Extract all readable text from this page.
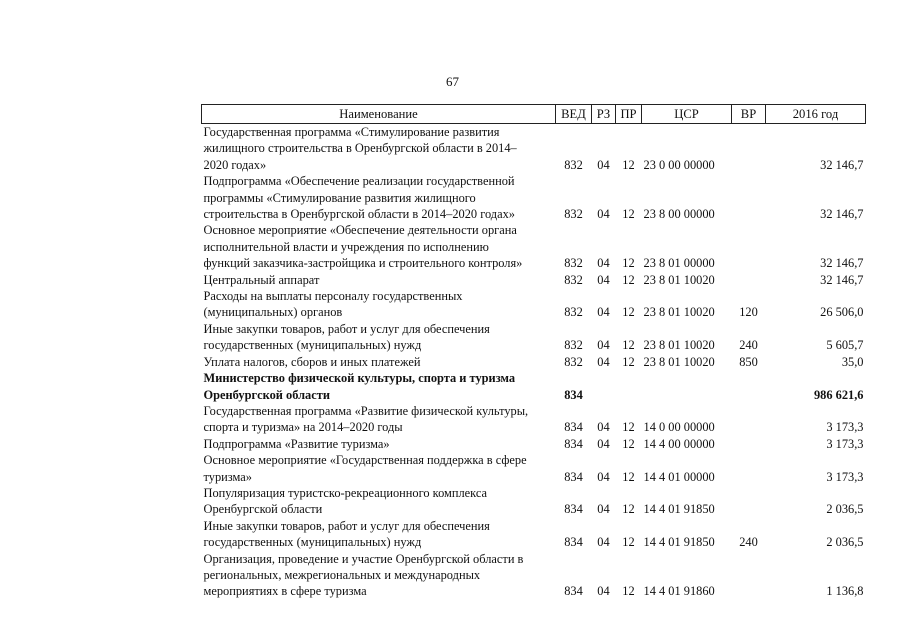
67
Наименование	ВЕД	РЗ	ПР	ЦСР	ВР	2016 год

Государственная программа «Стимулирование развития
жилищного строительства в Оренбургской области в 2014–
2020 годах»	832	04	12	23 0 00 00000		32 146,7

Подпрограмма «Обеспечение реализации государственной
программы «Стимулирование развития жилищного
строительства в Оренбургской области в 2014–2020 годах»	832	04	12	23 8 00 00000		32 146,7

Основное мероприятие «Обеспечение деятельности органа
исполнительной власти и учреждения по исполнению
функций заказчика-застройщика и строительного контроля»	832	04	12	23 8 01 00000		32 146,7

Центральный аппарат	832	04	12	23 8 01 10020		32 146,7

Расходы на выплаты персоналу государственных
(муниципальных) органов	832	04	12	23 8 01 10020	120	26 506,0

Иные закупки товаров, работ и услуг для обеспечения
государственных (муниципальных) нужд	832	04	12	23 8 01 10020	240	5 605,7

Уплата налогов, сборов и иных платежей	832	04	12	23 8 01 10020	850	35,0

Министерство физической культуры, спорта и туризма
Оренбургской области	834					986 621,6

Государственная программа «Развитие физической культуры,
спорта и туризма» на 2014–2020 годы	834	04	12	14 0 00 00000		3 173,3

Подпрограмма «Развитие туризма»	834	04	12	14 4 00 00000		3 173,3

Основное мероприятие «Государственная поддержка в сфере
туризма»	834	04	12	14 4 01 00000		3 173,3

Популяризация туристско-рекреационного комплекса
Оренбургской области	834	04	12	14 4 01 91850		2 036,5

Иные закупки товаров, работ и услуг для обеспечения
государственных (муниципальных) нужд	834	04	12	14 4 01 91850	240	2 036,5

Организация, проведение и участие Оренбургской области в
региональных, межрегиональных и международных
мероприятиях в сфере туризма	834	04	12	14 4 01 91860		1 136,8
